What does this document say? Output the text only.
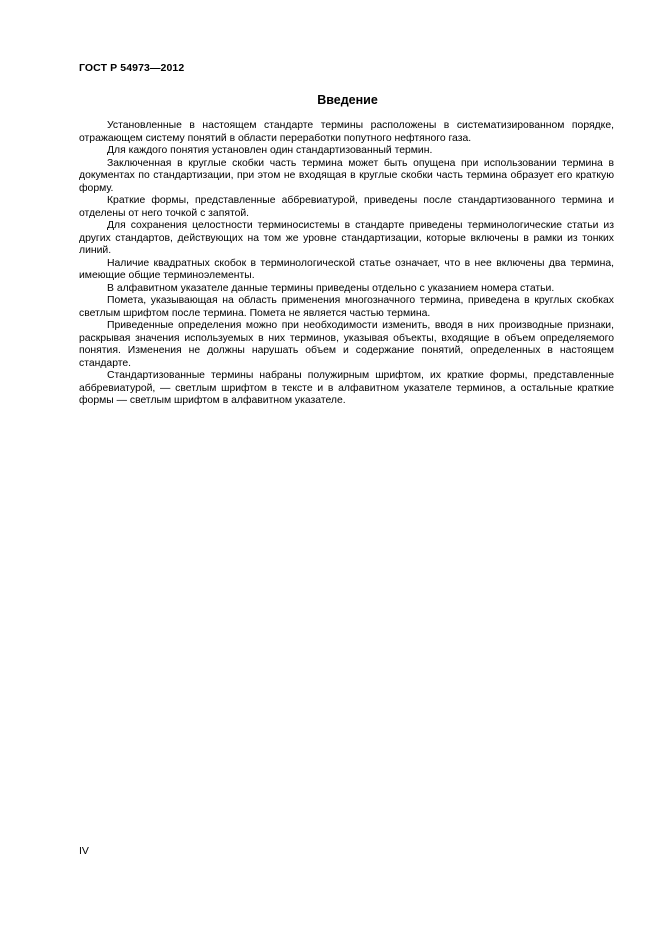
ГОСТ Р 54973—2012
Введение

Установленные в настоящем стандарте термины расположены в систематизированном порядке, отражающем систему понятий в области переработки попутного нефтяного газа.

Для каждого понятия установлен один стандартизованный термин.

Заключенная в круглые скобки часть термина может быть опущена при использовании термина в документах по стандартизации, при этом не входящая в круглые скобки часть термина образует его краткую форму.

Краткие формы, представленные аббревиатурой, приведены после стандартизованного термина и отделены от него точкой с запятой.

Для сохранения целостности терминосистемы в стандарте приведены терминологические статьи из других стандартов, действующих на том же уровне стандартизации, которые включены в рамки из тонких линий.

Наличие квадратных скобок в терминологической статье означает, что в нее включены два термина, имеющие общие терминоэлементы.

В алфавитном указателе данные термины приведены отдельно с указанием номера статьи.

Помета, указывающая на область применения многозначного термина, приведена в круглых скобках светлым шрифтом после термина. Помета не является частью термина.

Приведенные определения можно при необходимости изменить, вводя в них производные признаки, раскрывая значения используемых в них терминов, указывая объекты, входящие в объем определяемого понятия. Изменения не должны нарушать объем и содержание понятий, определенных в настоящем стандарте.

Стандартизованные термины набраны полужирным шрифтом, их краткие формы, представленные аббревиатурой, — светлым шрифтом в тексте и в алфавитном указателе терминов, а остальные краткие формы — светлым шрифтом в алфавитном указателе.

IV
